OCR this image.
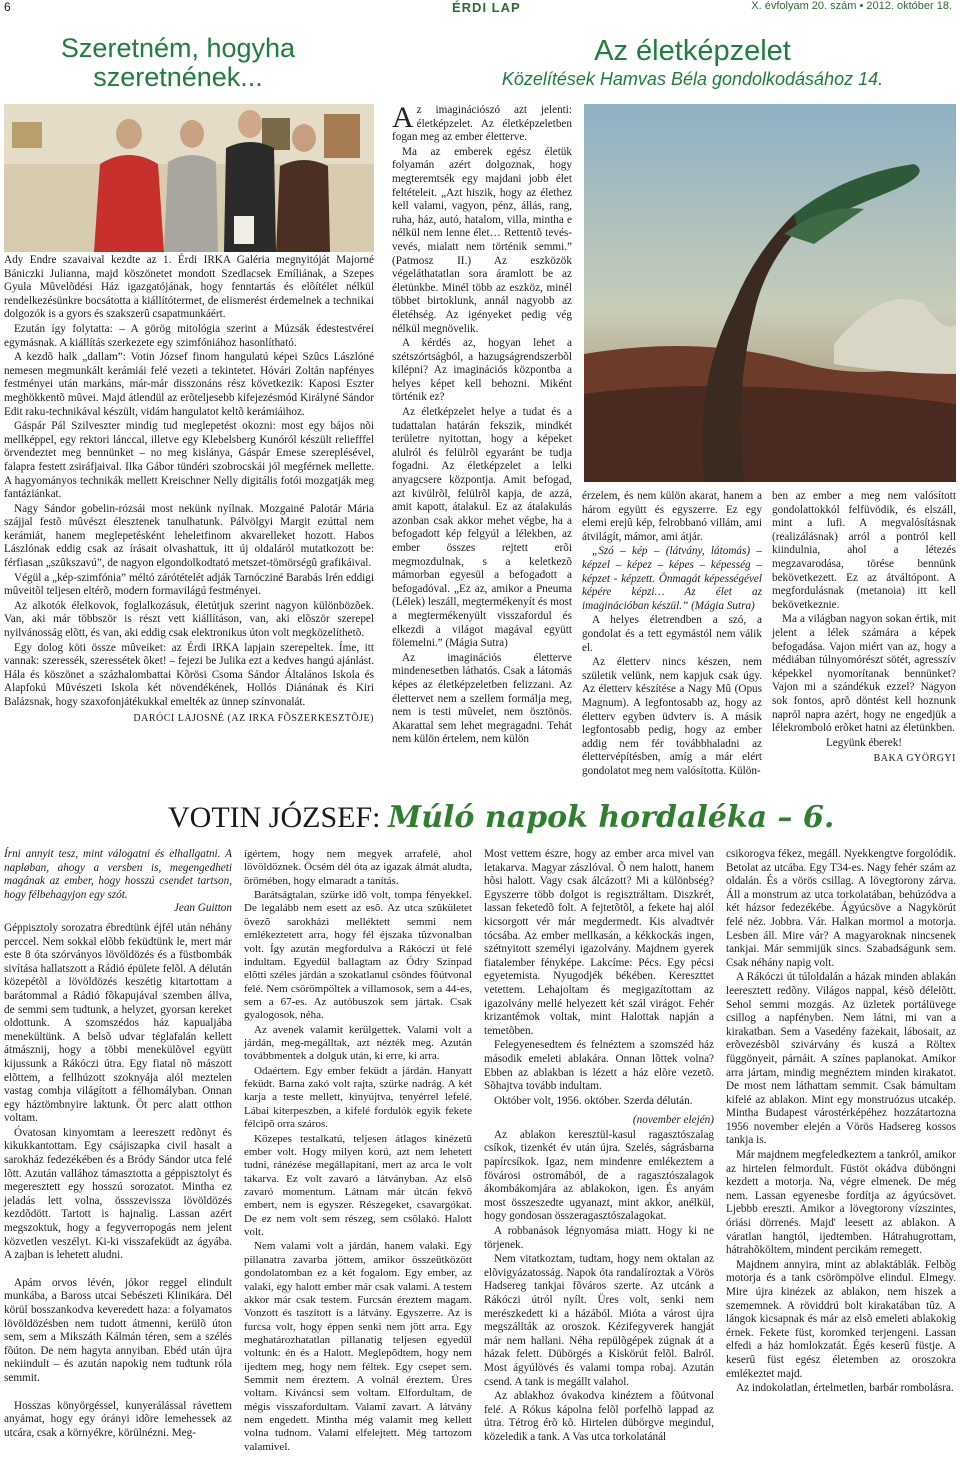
6	ÉRDI LAP	X. évfolyam 20. szám • 2012. október 18.
Szeretném, hogyha
szeretnének...
Az életképzelet
Közelítések Hamvas Béla gondolkodásához 14.

Ady Endre szavaival kezdte az 1. Érdi IRKA Galéria megnyitóját Majorné Bániczki Julianna, majd köszönetet mondott Szedlacsek Emíliának, a Szepes Gyula Mûvelõdési Ház igazgatójának, hogy fenntartás és elõítélet nélkül rendelkezésünkre bocsátotta a kiállítótermet, de elismerést érdemelnek a technikai dolgozók is a gyors és szakszerû csapatmunkáért.

Ezután így folytatta: – A görög mitológia szerint a Múzsák édestestvérei egymásnak. A kiállítás szerkezete egy szimfóniához hasonlítható.

A kezdõ halk „dallam”: Votin József finom hangulatú képei Szûcs Lászlóné nemesen megmunkált kerámiái felé vezeti a tekintetet. Hóvári Zoltán napfényes festményei után markáns, már-már disszonáns rész következik: Kaposi Eszter meghökkentõ mûvei. Majd átlendül az erõteljesebb kifejezésmód Királyné Sándor Edit raku-technikával készült, vidám hangulatot keltõ kerámiáihoz.

Gáspár Pál Szilveszter mindig tud meglepetést okozni: most egy bájos nõi mellképpel, egy rektori lánccal, illetve egy Klebelsberg Kunóról készült reliefffel örvendeztet meg bennünket – no meg kislánya, Gáspár Emese szereplésével, falapra festett zsiráfjaival. Ilka Gábor tündéri szobrocskái jól megférnek mellette. A hagyományos technikák mellett Kreischner Nelly digitális fotói mozgatják meg fantáziánkat.

Nagy Sándor gobelin-rózsái most nekünk nyílnak. Mozgainé Palotár Mária szájjal festõ mûvészt élesztenek tanulhatunk. Pálvölgyi Margit ezúttal nem kerámiát, hanem meglepetésként leheletfinom akvarelleket hozott. Habos Lászlónak eddig csak az írásait olvashattuk, itt új oldaláról mutatkozott be: férfiasan „szûkszavú”, de nagyon elgondolkodtató metszet-tömörségû grafikáival.

Végül a „kép-szimfónia” méltó zárótételét adják Tarnócziné Barabás Irén eddigi mûveitõl teljesen eltérõ, modern formavilágú festményei.

Az alkotók élelkovok, foglalkozásuk, életútjuk szerint nagyon különbözõek. Van, aki már többször is részt vett kiállításon, van, aki elõször szerepel nyilvánosság elõtt, és van, aki eddig csak elektronikus úton volt megközelíthetõ.

Egy dolog köti össze mûveiket: az Érdi IRKA lapjain szerepeltek. Íme, itt vannak: szeressék, szeressétek õket! – fejezi be Julika ezt a kedves hangú ajánlást. Hála és köszönet a százhalombattai Kõrösi Csoma Sándor Általános Iskola és Alapfokú Mûvészeti Iskola két növendékének, Hollós Diánának és Kiri Balázsnak, hogy szaxofonjátékukkal emelték az ünnep színvonalát.

DARÓCI LAJOSNÉ (AZ IRKA FÕSZERKESZTÕJE)

Az imaginációszó azt jelenti: életképzelet. Az életképzeletben fogan meg az ember életterve.

Ma az emberek egész életük folyamán azért dolgoznak, hogy megteremtsék egy majdani jobb élet feltételeit. „Azt hiszik, hogy az élethez kell valami, vagyon, pénz, állás, rang, ruha, ház, autó, hatalom, villa, mintha e nélkül nem lenne élet… Rettentõ tevés-vevés, mialatt nem történik semmi.” (Patmosz II.) Az eszközök végeláthatatlan sora áramlott be az életünkbe. Minél több az eszköz, minél többet birtoklunk, annál nagyobb az életéhség. Az igényeket pedig vég nélkül megnövelik.

A kérdés az, hogyan lehet a szétszórtságból, a hazugságrendszerbõl kilépni? Az imaginációs központba a helyes képet kell behozni. Miként történik ez?

Az életképzelet helye a tudat és a tudattalan határán fekszik, mindkét területre nyitottan, hogy a képeket alulról és felülrõl egyaránt be tudja fogadni. Az életképzelet a lelki anyagcsere központja. Amit befogad, azt kivülrõl, felülrõl kapja, de azzá, amit kapott, átalakul. Ez az átalakulás azonban csak akkor mehet végbe, ha a befogadott kép felgyúl a lélekben, az ember összes rejtett erõi megmozdulnak, s a keletkezõ mámorban egyesül a befogadott a befogadóval. „Ez az, amikor a Pneuma (Lélek) leszáll, megtermékenyít és most a megtermékenyült visszafordul és elkezdi a világot magával együtt fölemelni.” (Mágia Sutra)

Az imaginációs életterve mindenesetben láthatós. Csak a látomás képes az életképzeletben felizzani. Az élettervet nem a szellem formálja meg, nem is testi mûvelet, nem ösztönös. Akarattal sem lehet megragadni. Tehát nem külön értelem, nem külön

érzelem, és nem külön akarat, hanem a három együtt és egyszerre. Ez egy elemi erejû kép, felrobbanó villám, ami átvilágít, mámor, ami átjár.

„Szó – kép – (látvány, látomás) – képzel – képez – képes – képesség – képzet - képzett. Önmagát képességével képére képzi… Az élet az imaginációban készül.” (Mágia Sutra)

A helyes életrendben a szó, a gondolat és a tett egymástól nem válik el.

Az életterv nincs készen, nem születik velünk, nem kapjuk csak úgy. Az életterv készítése a Nagy Mû (Opus Magnum). A legfontosabb az, hogy az életterv egyben üdvterv is. A másik legfontosabb pedig, hogy az ember addig nem fér továbbhaladni az élettervépítésben, amíg a már elért gondolatot meg nem valósította. Külön-

ben az ember a meg nem valósított gondolattokkól felfüvödik, és elszáll, mint a lufi. A megvalósításnak (realizálásnak) arról a pontról kell kiindulnia, ahol a létezés megzavarodása, törése bennünk bekövetkezett. Ez az átváltópont. A megfordulásnak (metanoia) itt kell bekövetkeznie.

Ma a világban nagyon sokan értik, mit jelent a lélek számára a képek befogadása. Vajon miért van az, hogy a médiában túlnyomórészt sötét, agresszív képekkel nyomorítanak bennünket? Vajon mi a szándékuk ezzel? Nagyon sok fontos, aprõ döntést kell hoznunk napról napra azért, hogy ne engedjük a lélekromboló erõket hatni az életünkben.

Legyünk éberek!

BAKA GYÖRGYI
VOTIN JÓZSEF: Múló napok hordaléka – 6.
Írni annyit tesz, mint válogatni és elhallgatni. A napløban, ahogy a versben is, megengedheti magának az ember, hogy hosszú csendet tartson, hogy félbehagyjon egy szót.
Jean Guitton

Géppisztoly sorozatra ébredtünk éjfél után néhány perccel. Nem sokkal elõbb feküdtünk le, mert már este 8 óta szórványos lövöldözés és a füstbombák sivítása hallatszott a Rádió épülete felõl. A délután közepétõl a lövöldözés keszétig kitartottam a barátommal a Rádió fõkapujával szemben állva, de semmi sem tudtunk, a helyzet, gyorsan kereket oldottunk. A szomszédos ház kapualjába menekültünk. A belsõ udvar téglafalán kellett átmásznij, hogy a többi menekülõvel együtt kijussunk a Rákóczi útra. Egy fiatal nõ mászott elõttem, a fellhúzott szoknyája alól meztelen vastag combja világított a félhomályban. Onnan egy háztömbnyire laktunk. Öt perc alatt otthon voltam.

Óvatosan kinyomtam a leereszett redõnyt és kikukkantottam. Egy csájiszapka civil hasalt a sarokház fedezékében és a Bródy Sándor utca felé lõtt. Azután vallához támasztotta a géppisztolyt és megeresztett egy hosszú sorozatot. Mintha ez jeladás lett volna, össszevissza lövöldözés kezdõdött. Tartott is hajnalig. Lassan azért megszoktuk, hogy a fegyverropogás nem jelent közvetlen veszélyt. Ki-ki visszafeküdt az ágyába. A zajban is lehetett aludni.

Apám orvos lévén, jókor reggel elindult munkába, a Baross utcai Sebészeti Klinikára. Dél körül bosszankodva keveredett haza: a folyamatos lövöldözésben nem tudott átmenni, kerülõ úton sem, sem a Mikszáth Kálmán téren, sem a szélés fõúton. De nem hagyta annyiban. Ebéd után újra nekiindult – és azután napokig nem tudtunk róla semmit.

Hosszas könyörgéssel, kunyerálással rávettem anyámat, hogy egy órányi idõre lemehessek az utcára, csak a környékre, körülnézni. Meg-

ígértem, hogy nem megyek arrafelé, ahol lövöldöznek. Öcsém dél óta az igazak álmát aludta, örömében, hogy elmaradt a tanítás.

Barátságtalan, szürke idõ volt, tompa fényekkel. De legalább nem esett az esõ. Az utca szûkületet övezõ sarokházi melléktett semmi nem emlékeztetett arra, hogy fél éjszaka tûzvonalban volt. Így azután megfordulva a Rákóczi út felé indultam. Egyedül ballagtam az Ódry Színpad elõtti széles járdán a szokatlanul csöndes fõútvonal felé. Nem csörömpöltek a villamosok, sem a 44-es, sem a 67-es. Az autóbuszok sem jártak. Csak gyalogosok, néha.

Az avenek valamit kerülgettek. Valami volt a járdán, meg-megálltak, azt nézték meg. Azután továbbmentek a dolguk után, ki erre, ki arra.

Odaértem. Egy ember feküdt a járdán. Hanyatt feküdt. Barna zakó volt rajta, szürke nadrág. A két karja a teste mellett, kinyújtva, tenyérrel lefelé. Lábai kiterpeszben, a kifelé fordulók egyik fekete félcipõ orra száros.

Közepes testalkatú, teljesen átlagos kinézetû ember volt. Hogy milyen korú, azt nem lehetett tudni, ránézése megállapítani, mert az arca le volt takarva. Ez volt zavaró a látványban. Az elsõ zavaró momentum. Látnam már útcán fekvõ embert, nem is egyszer. Részegeket, csavargókat. De ez nem volt sem részeg, sem csõlakó. Halott volt.

Nem valami volt a járdán, hanem valaki. Egy pillanatra zavarba jöttem, amikor összeütközött gondolatomban ez a két fogalom. Egy ember, az valaki, egy halott ember már csak valami. A testem akkor már csak testem. Furcsán éreztem magam. Vonzott és taszított is a látvány. Egyszerre. Az is furcsa volt, hogy éppen senki nem jött arra. Egy meghatározhatatlan pillanatig teljesen egyedül voltunk: én és a Halott. Meglepõdtem, hogy nem ijedtem meg, hogy nem féltek. Egy csepet sem. Semmit nem éreztem. A volnál éreztem. Üres voltam. Kívánсsi sem voltam. Elfordultam, de mégis visszafordultam. Valami zavart. A látvány nem engedett. Mintha még valamit meg kellett volna tudnom. Valami elfelejtett. Még tartozom valamivel.

Most vettem észre, hogy az ember arca mivel van letakarva. Magyar zászlóval. Õ nem halott, hanem hõsi halott. Vagy csak álcázott? Mi a különbség? Egyszerre több dolgot is regisztráltam. Diszkrét, lassan feketedõ folt. A fejtetõtõl, a fekete haj alól kicsorgott vér már megdermedt. Kis alvadtvér tócsába. Az ember mellkasán, a kékkockás ingen, szétnyitott személyi igazolvány. Majdnem gyerek fiatalember fényképe. Lakcíme: Pécs. Egy pécsi egyetemista. Nyugodjék békében. Kereszttet vetettem. Lehajoltam és megigazítottam az igazolvány mellé helyezett két szál virágot. Fehér krizantémok voltak, mint Halottak napján a temetõben.

Felegyenesedtem és felnéztem a szomszéd ház második emeleti ablakára. Onnan lõttek volna? Ebben az ablakban is lézett a ház elõre vezetõ. Sõhajtva tovább indultam.

Október volt, 1956. október. Szerda délután.

(november elején)

Az ablakon keresztül-kasul ragasztószalag csíkok, tizenkét év után újra. Szelés, ságrásbarna papírcsíkok. Igaz, nem mindenre emlékeztem a fövárosi ostromából, de a ragasztószalagok ákombákomjára az ablakokon, igen. És anyám most összeszedte ugyanazt, mint akkor, anélkül, hogy gondosan összeragasztószalagokat.

A robbanások légnyomása miatt. Hogy ki ne törjenek.

Nem vitatkoztam, tudtam, hogy nem oktalan az elõvigyázatosság. Napok óta randalíroztak a Vörös Hadsereg tankjai fõváros szerte. Az utcánk a Rákóczi útról nyílt. Üres volt, senki nem merészkedett ki a házából. Mióta a várost újra megszállták az oroszok. Kézifegyverek hangját már nem hallani. Néha repülõgépek zúgnak át a házak felett. Dübörgés a Kiskörút felõl. Balról. Most ágyúlövés és valami tompa robaj. Azután csend. A tank is megállt valahol.

Az ablakhoz óvakodva kinéztem a fõútvonal felé. A Rókus kápolna felõl porfelhõ lappad az útra. Tétrog érõ kõ. Hirtelen dübörgve megindul, közeledik a tank. A Vas utca torkolatánál

csikorogva fékez, megáll. Nyekkengtve forgolódik. Betolat az utcába. Egy T34-es. Nagy fehér szám az oldalán. És a vörös csillag. A lövegtorony zárva. Áll a monstrum az utca torkolatában, behúzódva a két házsor fedezékébe. Ágyúcsöve a Nagykörút felé néz. Jobbra. Vár. Halkan mormol a motorja. Lesben áll. Mire vár? A magyaroknak nincsenek tankjai. Már semmijük sincs. Szabadságunk sem. Csak néhány napig volt.

A Rákóczi út túloldalán a házak minden ablakán leeresztett redõny. Világos nappal, késõ délelõtt. Sehol semmi mozgás. Az üzletek portálüvege csillog a napfényben. Nem látni, mi van a kirakatban. Sem a Vasedény fazekait, lábosait, az erõvezésbõl szivárvány és kuszá a Röltex függönyeit, párnáit. A színes paplanokat. Amikor arra jártam, mindig megnéztem minden kirakatot. De most nem láthattam semmit. Csak bámultam kifelé az ablakon. Mint egy monstruózus utcakép. Mintha Budapest várostérképéhez hozzátartozna 1956 november elején a Vörös Hadsereg kossos tankja is.

Már majdnem megfeledkeztem a tankról, amikor az hirtelen felmordult. Füstöt okádva düböngni kezdett a motorja. Na, végre elmenek. De még nem. Lassan egyenesbe fordítja az ágyúcsövet. Ljebbb ereszti. Amikor a lövegtorony vízszintes, óriási dörrenés. Majd' leesett az ablakon. A váratlan hangtól, ijedtemben. Hátrahugrottam, hátrahõköltem, mindent percikám remegett.

Majdnem annyira, mint az ablaktáblák. Felbõg motorja és a tank csörömpölve elindul. Elmegy. Mire újra kinézek az ablakon, nem hiszek a szememnek. A röviddrú bolt kirakatában tûz. A lángok kicsapnak és már az elsõ emeleti ablakokig érnek. Fekete füst, koromked terjengeni. Lassan elfedi a ház homlokzatát. Égés keserû füstje. A keserû füst egész életemben az oroszokra emlékeztet majd.

Az indokolatlan, értelmetlen, barbár rombolásra.
